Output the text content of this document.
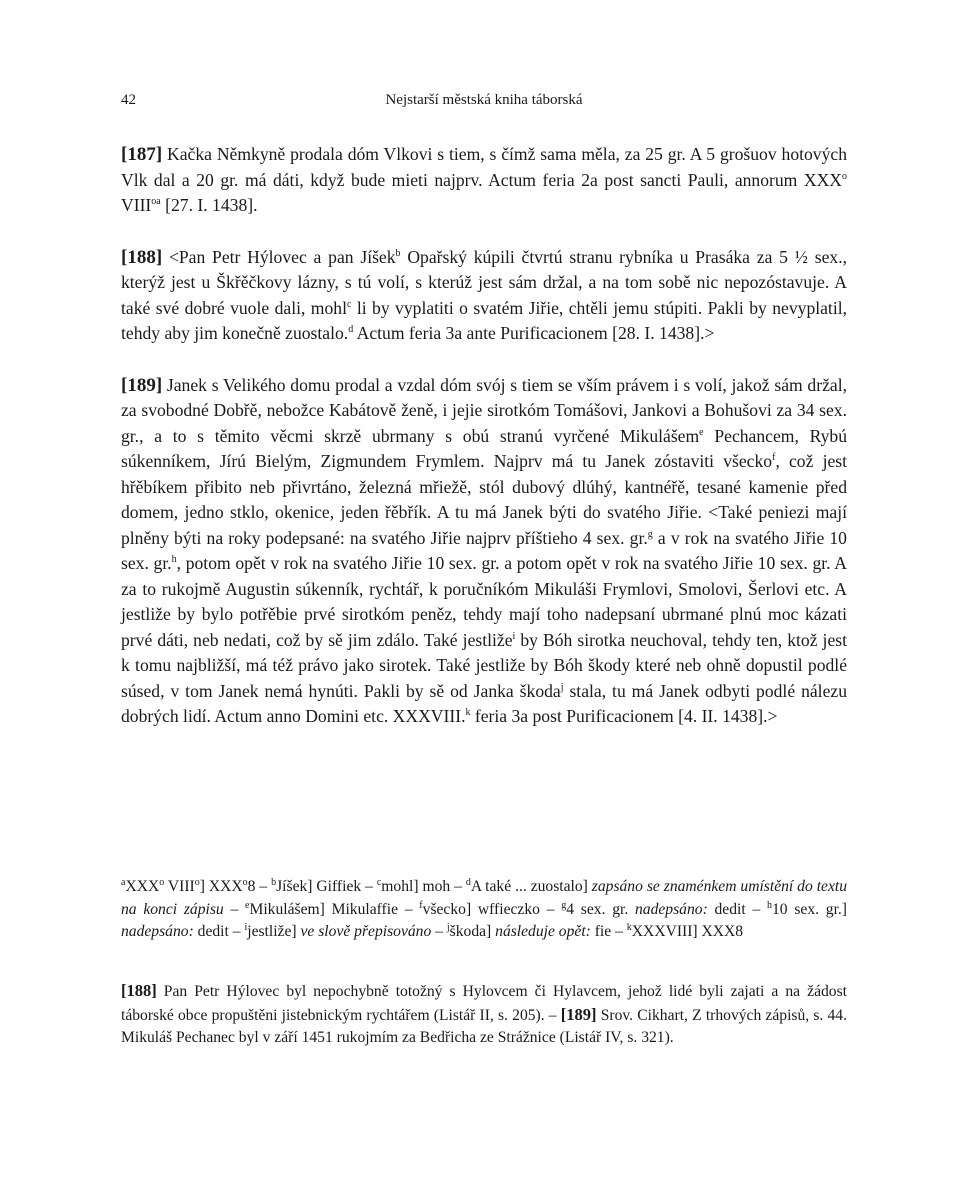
42	Nejstarší městská kniha táborská

[187] Kačka Němkyně prodala dóm Vlkovi s tiem, s čímž sama měla, za 25 gr. A 5 grošuov hotových Vlk dal a 20 gr. má dáti, když bude mieti najprv. Actum feria 2a post sancti Pauli, annorum XXX$^o$ $VIII^{oa}$ [27. I. 1438].

[188] <Pan Petr Hýlovec a pan Jíšek$^b$ Opařský kúpili čtvrtú stranu rybníka u Prasáka za 5 ½ sex., kterýž jest u Škřěčkovy lázny, s tú volí, s kterúž jest sám držal, a na tom sobě nic nepozóstavuje. A také své dobré vuole dali, mohl$^c$ li by vyplatiti o svatém Jiřie, chtěli jemu stúpiti. Pakli by nevyplatil, tehdy aby jim konečně zuostalo.$^d$ Actum feria 3a ante Purificacionem [28. I. 1438].>

[189] Janek s Velikého domu prodal a vzdal dóm svój s tiem se vším právem i s volí, jakož sám držal, za svobodné Dobřě, nebožce Kabátově ženě, i jejie sirotkóm Tomášovi, Jankovi a Bohušovi za 34 sex. gr., a to s těmito věcmi skrzě ubrmany s obú stranú vyrčené Mikulášem$^e$ Pechancem, Rybú súkenníkem, Jírú Bielým, Zigmundem Frymlem. Najprv má tu Janek zóstaviti všecko$^f$, což jest hřěbíkem přibito neb přivrtáno, železná mřiežě, stól dubový dlúhý, kantnéřě, tesané kamenie před domem, jedno stklo, okenice, jeden řěbřík. A tu má Janek býti do svatého Jiřie. <Také peniezi mají plněny býti na roky podepsané: na svatého Jiřie najprv příštieho 4 sex. gr.$^g$ a v rok na svatého Jiřie 10 sex. gr.$^h$, potom opět v rok na svatého Jiřie 10 sex. gr. a potom opět v rok na svatého Jiřie 10 sex. gr. A za to rukojmě Augustin súkenník, rychtář, k poručníkóm Mikuláši Frymlovi, Smolovi, Šerlovi etc. A jestliže by bylo potřěbie prvé sirotkóm peněz, tehdy mají toho nadepsaní ubrmané plnú moc kázati prvé dáti, neb nedati, což by sě jim zdálo. Také jestliže$^i$ by Bóh sirotka neuchoval, tehdy ten, ktož jest k tomu najbližší, má též právo jako sirotek. Také jestliže by Bóh škody které neb ohně dopustil podlé súsed, v tom Janek nemá hynúti. Pakli by sě od Janka škoda$^j$ stala, tu má Janek odbyti podlé nálezu dobrých lidí. Actum anno Domini etc. XXXVIII.$^k$ feria 3a post Purificacionem [4. II. 1438].>

$^a$XXX$^o$ VIII$^o$] XXX$^o$8 – $^b$Jíšek] Giffiek – $^c$mohl] moh – $^d$A také ... zuostalo] zapsáno se znaménkem umístění do textu na konci zápisu – $^e$Mikulášem] Mikulaffie – $^f$všecko] wffieczko – $^g$4 sex. gr. nadepsáno: dedit – $^h$10 sex. gr.] nadepsáno: dedit – $^i$jestliže] ve slově přepisováno – $^j$škoda] následuje opět: fie – $^k$XXXVIII] XXX8
[188] Pan Petr Hýlovec byl nepochybně totožný s Hylovcem či Hylavcem, jehož lidé byli zajati a na žádost táborské obce propuštěni jistebnickým rychtářem (Listář II, s. 205). – [189] Srov. Cikhart, Z trhových zápisů, s. 44. Mikuláš Pechanec byl v září 1451 rukojmím za Bedřicha ze Strážnice (Listář IV, s. 321).
